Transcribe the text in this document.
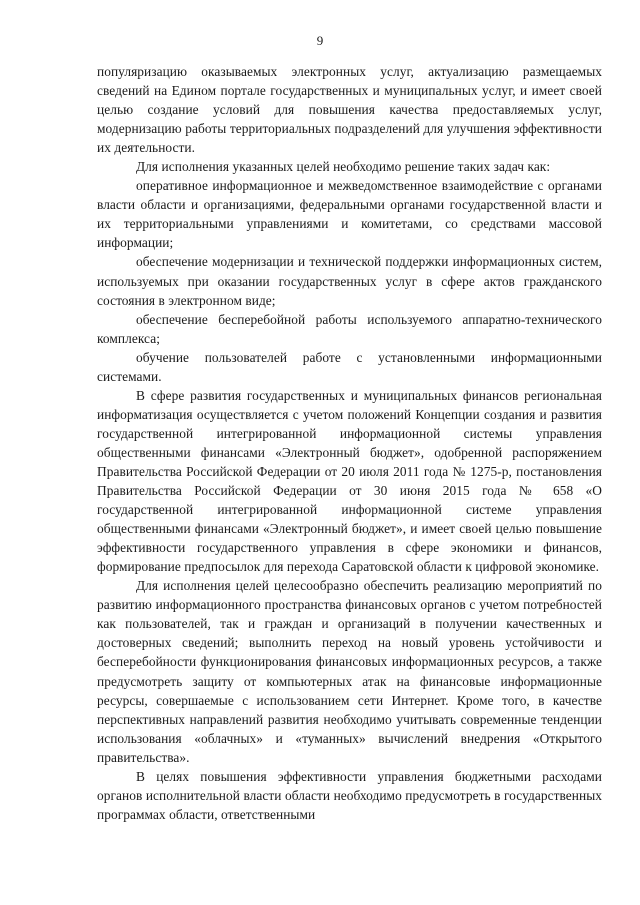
9

популяризацию оказываемых электронных услуг, актуализацию размещаемых сведений на Едином портале государственных и муниципальных услуг, и имеет своей целью создание условий для повышения качества предоставляемых услуг, модернизацию работы территориальных подразделений для улучшения эффективности их деятельности.

Для исполнения указанных целей необходимо решение таких задач как:

оперативное информационное и межведомственное взаимодействие с органами власти области и организациями, федеральными органами государственной власти и их территориальными управлениями и комитетами, со средствами массовой информации;

обеспечение модернизации и технической поддержки информационных систем, используемых при оказании государственных услуг в сфере актов гражданского состояния в электронном виде;

обеспечение бесперебойной работы используемого аппаратно-технического комплекса;

обучение пользователей работе с установленными информационными системами.

В сфере развития государственных и муниципальных финансов региональная информатизация осуществляется с учетом положений Концепции создания и развития государственной интегрированной информационной системы управления общественными финансами «Электронный бюджет», одобренной распоряжением Правительства Российской Федерации от 20 июля 2011 года № 1275-р, постановления Правительства Российской Федерации от 30 июня 2015 года № 658 «О государственной интегрированной информационной системе управления общественными финансами «Электронный бюджет», и имеет своей целью повышение эффективности государственного управления в сфере экономики и финансов, формирование предпосылок для перехода Саратовской области к цифровой экономике.

Для исполнения целей целесообразно обеспечить реализацию мероприятий по развитию информационного пространства финансовых органов с учетом потребностей как пользователей, так и граждан и организаций в получении качественных и достоверных сведений; выполнить переход на новый уровень устойчивости и бесперебойности функционирования финансовых информационных ресурсов, а также предусмотреть защиту от компьютерных атак на финансовые информационные ресурсы, совершаемые с использованием сети Интернет. Кроме того, в качестве перспективных направлений развития необходимо учитывать современные тенденции использования «облачных» и «туманных» вычислений внедрения «Открытого правительства».

В целях повышения эффективности управления бюджетными расходами органов исполнительной власти области необходимо предусмотреть в государственных программах области, ответственными
